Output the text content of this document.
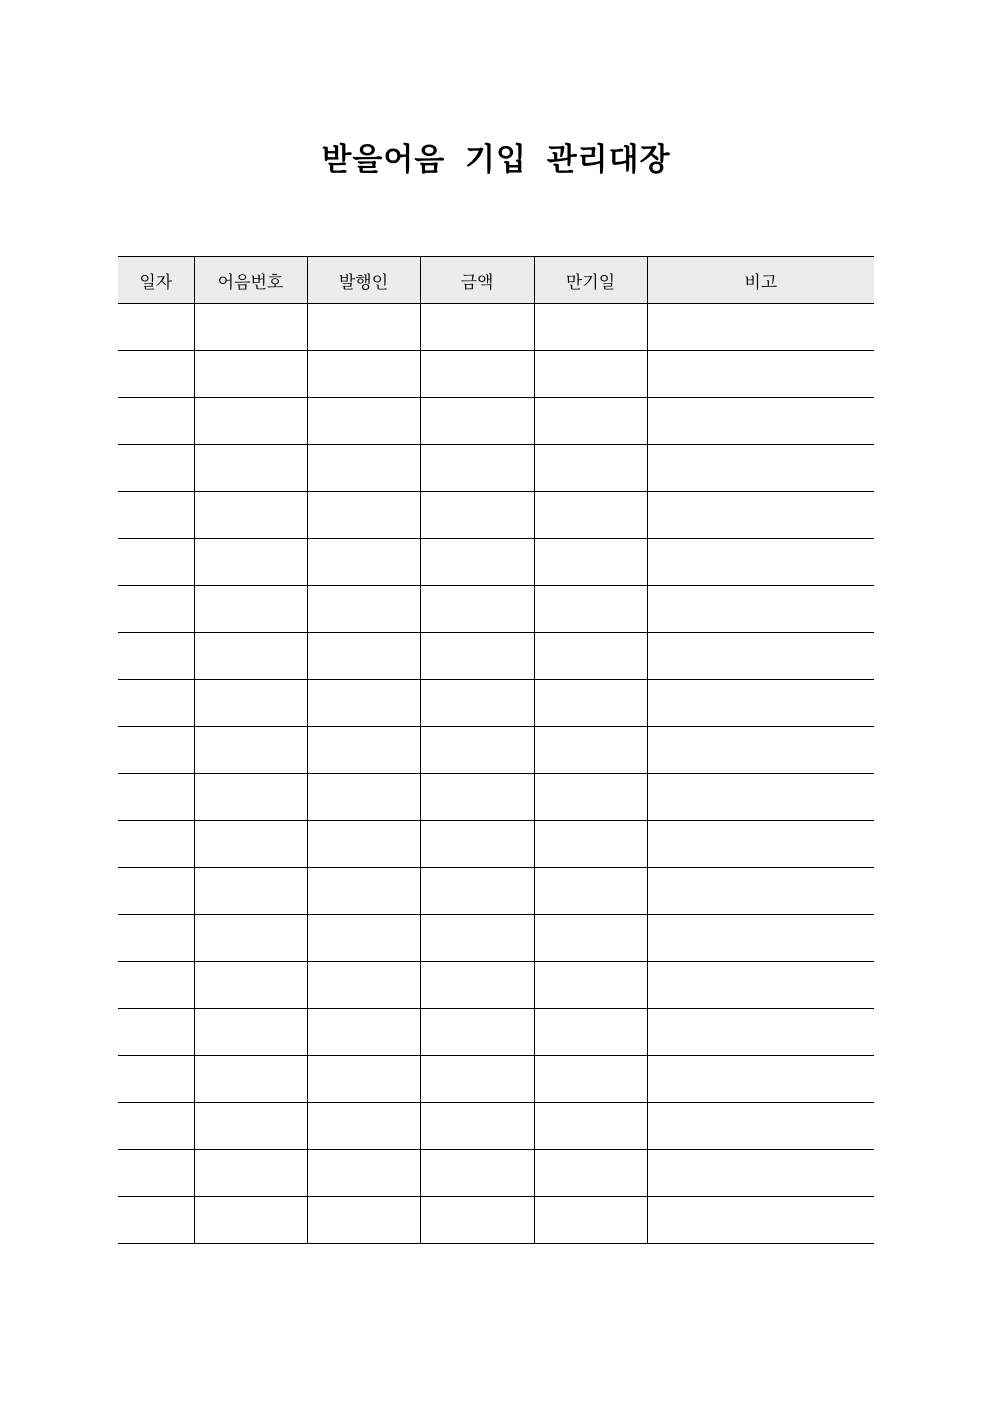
받을어음 기입 관리대장
일자	어음번호	발행인	금액	만기일	비고
